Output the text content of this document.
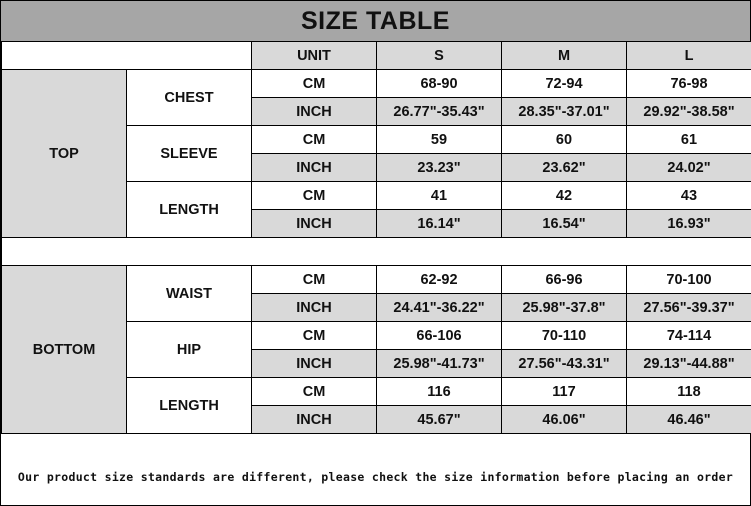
SIZE TABLE
		UNIT	S	M	L
TOP	CHEST	CM	68-90	72-94	76-98
		INCH	26.77"-35.43"	28.35"-37.01"	29.92"-38.58"
	SLEEVE	CM	59	60	61
		INCH	23.23"	23.62"	24.02"
	LENGTH	CM	41	42	43
		INCH	16.14"	16.54"	16.93"

BOTTOM	WAIST	CM	62-92	66-96	70-100
		INCH	24.41"-36.22"	25.98"-37.8"	27.56"-39.37"
	HIP	CM	66-106	70-110	74-114
		INCH	25.98"-41.73"	27.56"-43.31"	29.13"-44.88"
	LENGTH	CM	116	117	118
		INCH	45.67"	46.06"	46.46"
Our product size standards are different, please check the size information before placing an order
